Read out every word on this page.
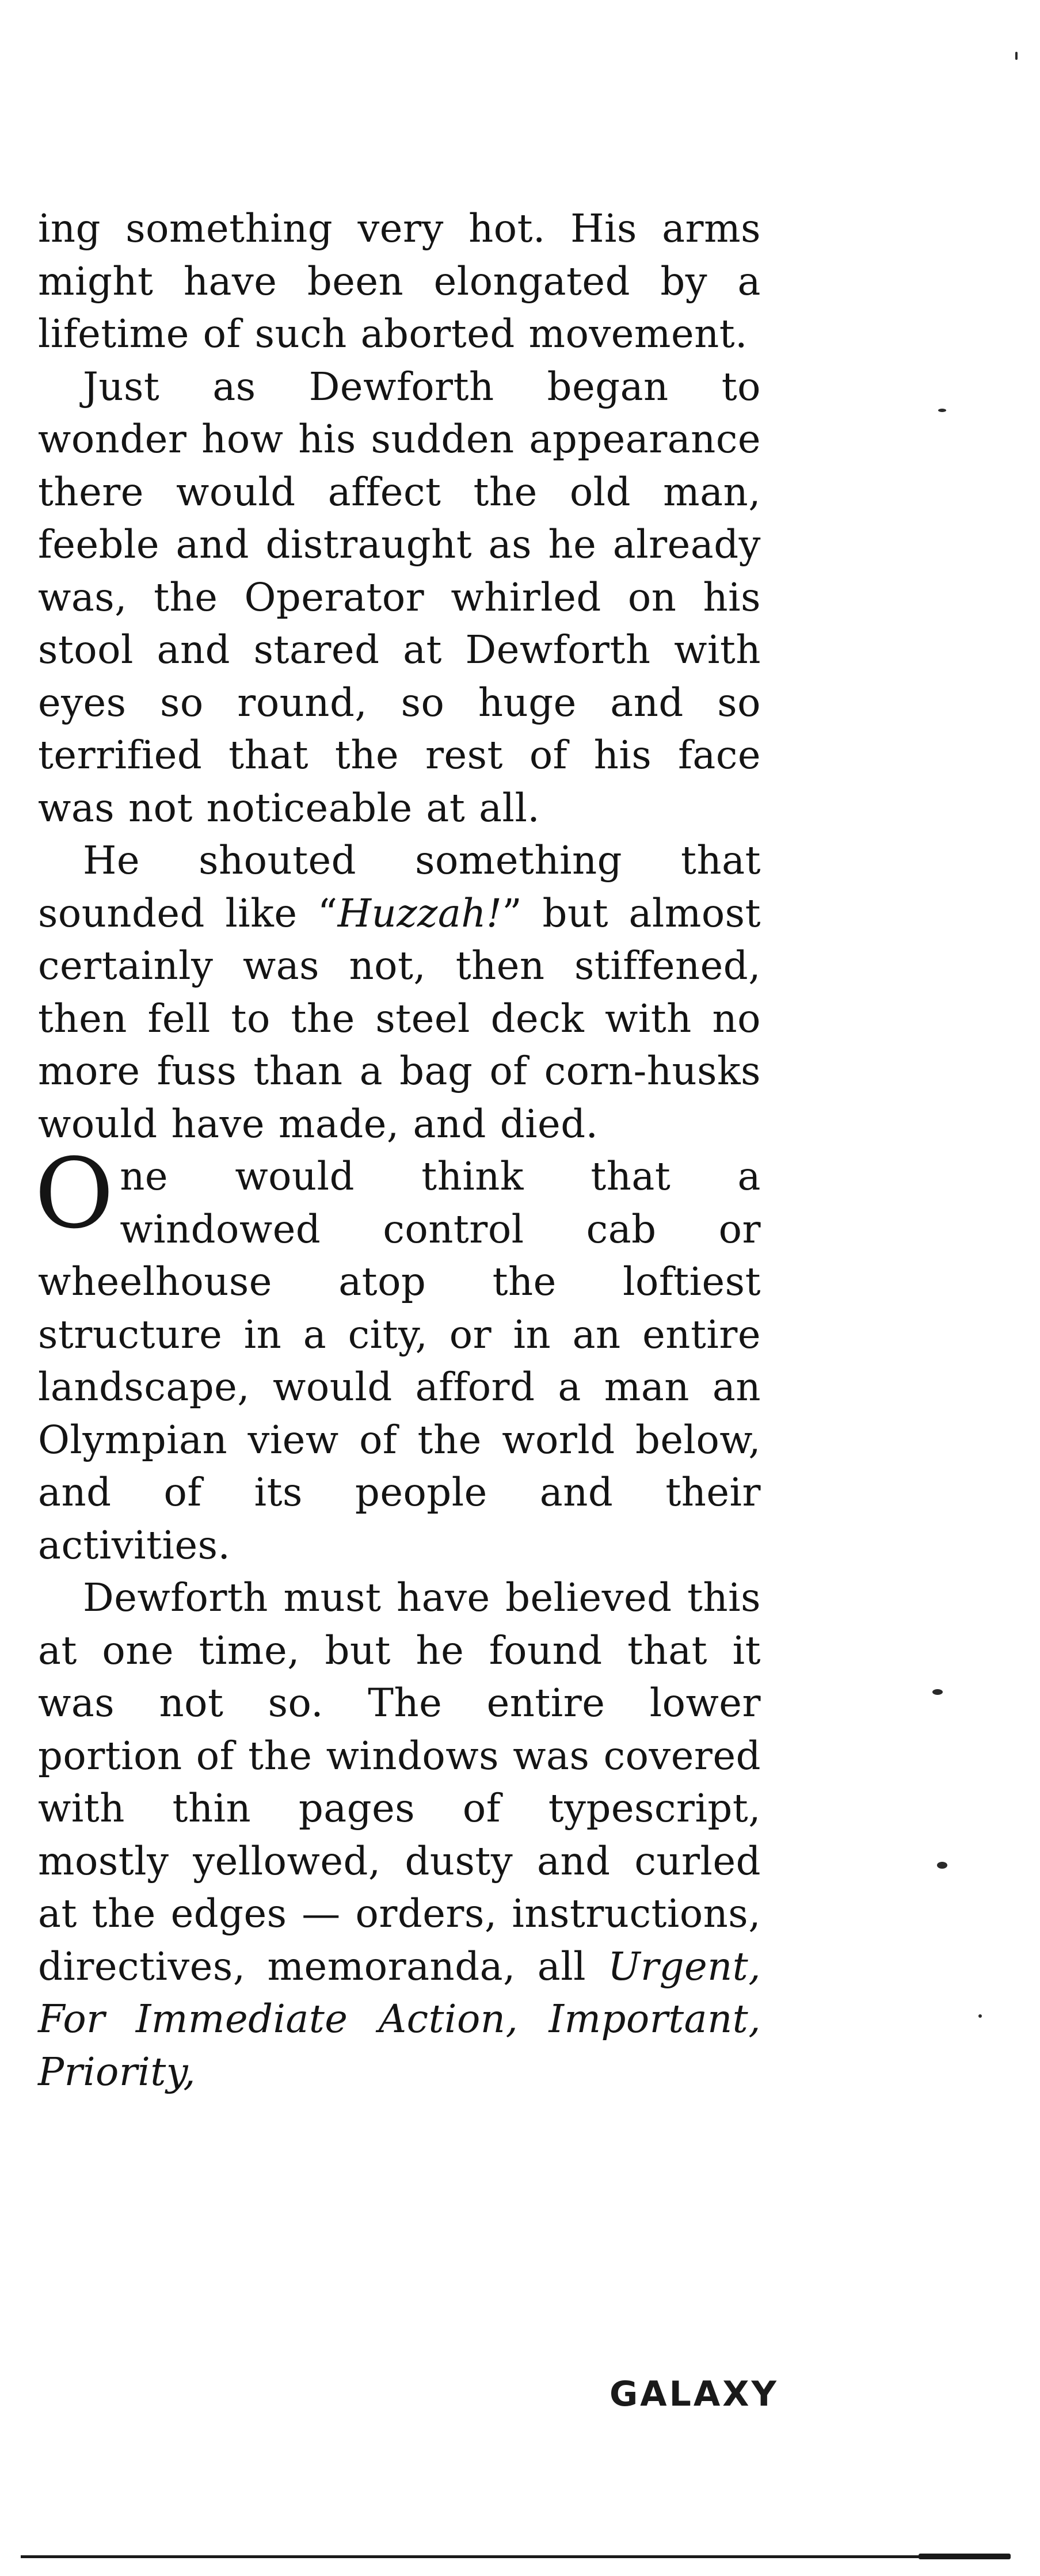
ing something very hot. His arms might have been elongated by a lifetime of such aborted movement.

Just as Dewforth began to wonder how his sudden appearance there would affect the old man, feeble and distraught as he already was, the Operator whirled on his stool and stared at Dewforth with eyes so round, so huge and so terrified that the rest of his face was not noticeable at all.

He shouted something that sounded like “Huzzah!” but almost certainly was not, then stiffened, then fell to the steel deck with no more fuss than a bag of corn-husks would have made, and died.

One would think that a windowed control cab or wheelhouse atop the loftiest structure in a city, or in an entire landscape, would afford a man an Olympian view of the world below, and of its people and their activities.

Dewforth must have believed this at one time, but he found that it was not so. The entire lower portion of the windows was covered with thin pages of typescript, mostly yellowed, dusty and curled at the edges — orders, instructions, directives, memoranda, all Urgent, For Immediate Action, Important, Priority,

GALAXY
